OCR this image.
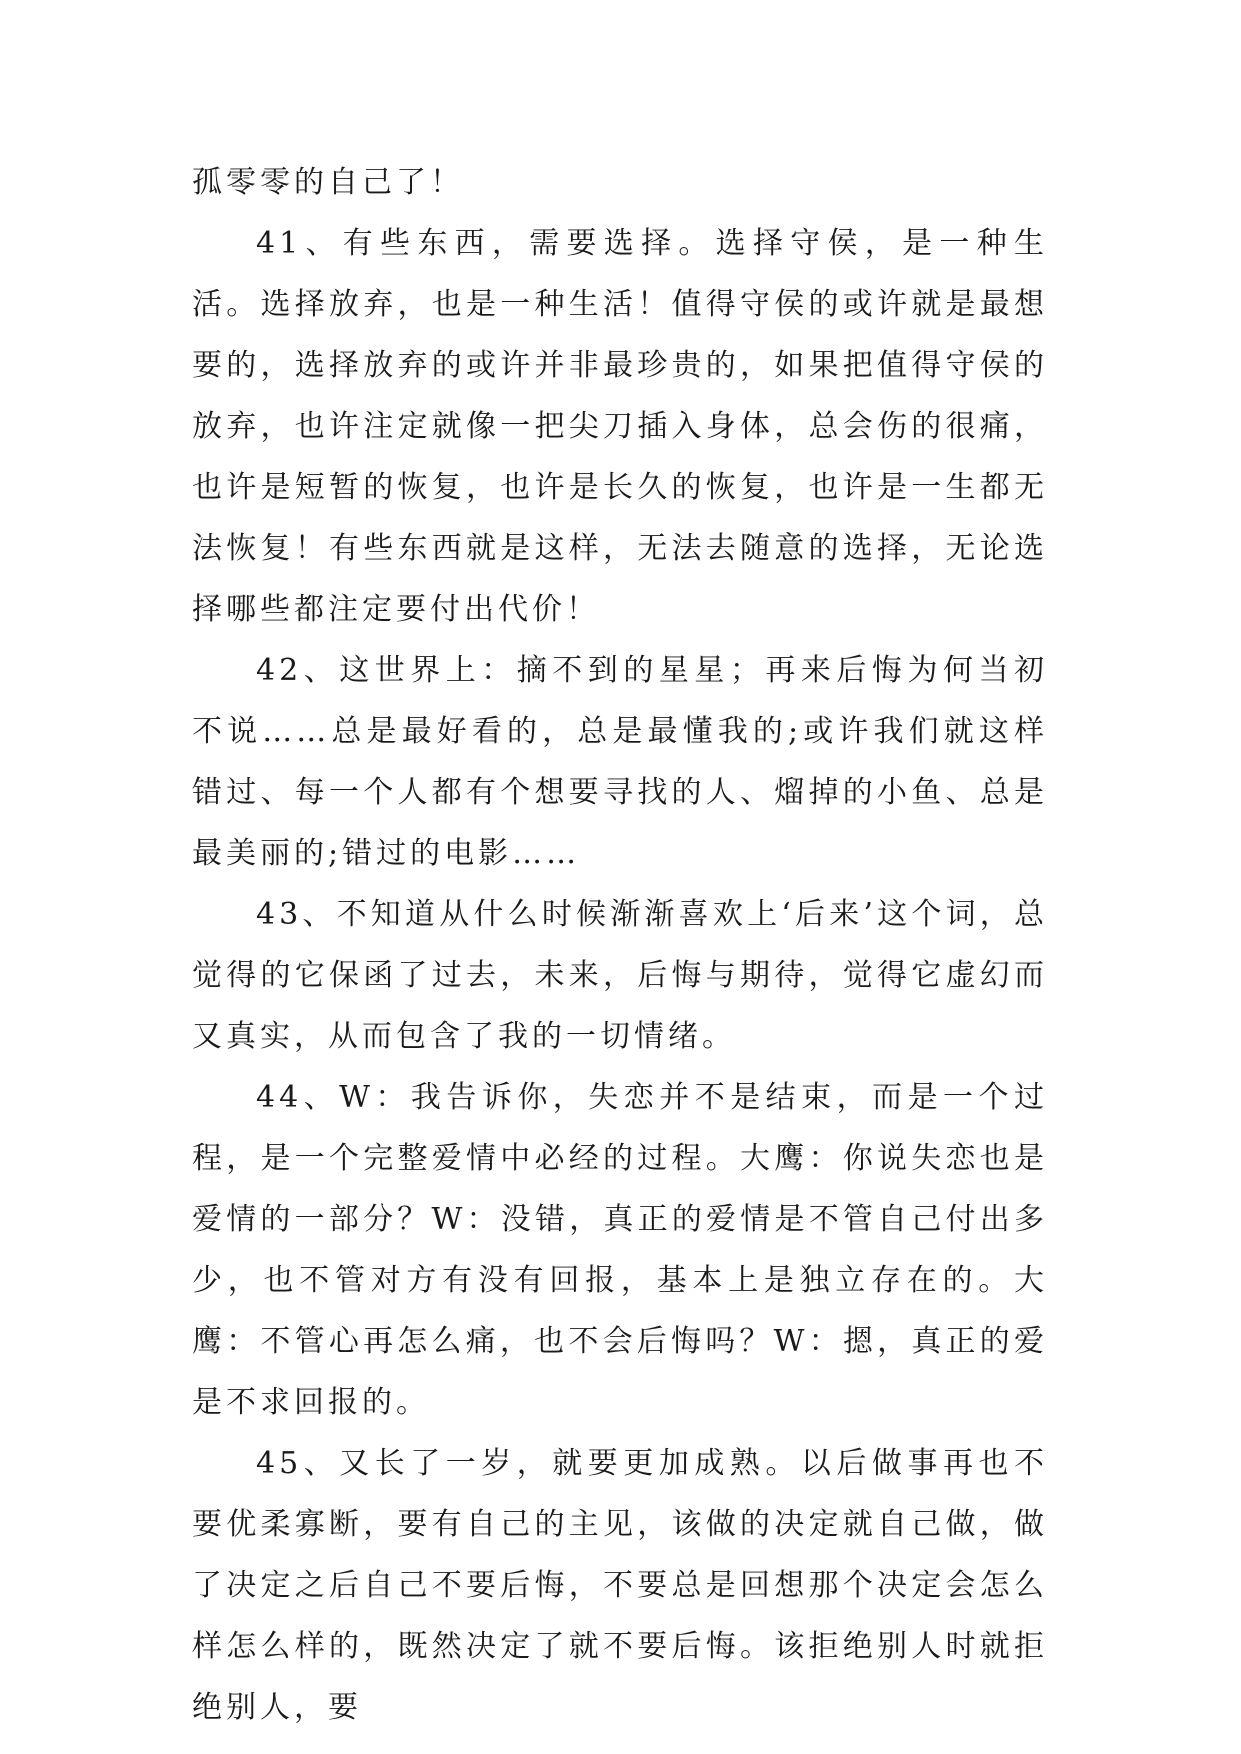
孤零零的自己了！

41、有些东西，需要选择。选择守侯，是一种生活。选择放弃，也是一种生活！值得守侯的或许就是最想要的，选择放弃的或许并非最珍贵的，如果把值得守侯的放弃，也许注定就像一把尖刀插入身体，总会伤的很痛，也许是短暂的恢复，也许是长久的恢复，也许是一生都无法恢复！有些东西就是这样，无法去随意的选择，无论选择哪些都注定要付出代价！

42、这世界上：摘不到的星星；再来后悔为何当初不说……总是最好看的，总是最懂我的;或许我们就这样错过、每一个人都有个想要寻找的人、熘掉的小鱼、总是最美丽的;错过的电影……

43、不知道从什么时候渐渐喜欢上‘后来’这个词，总觉得的它保函了过去，未来，后悔与期待，觉得它虚幻而又真实，从而包含了我的一切情绪。

44、W：我告诉你，失恋并不是结束，而是一个过程，是一个完整爱情中必经的过程。大鹰：你说失恋也是爱情的一部分？W：没错，真正的爱情是不管自己付出多少，也不管对方有没有回报，基本上是独立存在的。大鹰：不管心再怎么痛，也不会后悔吗？W：摁，真正的爱是不求回报的。

45、又长了一岁，就要更加成熟。以后做事再也不要优柔寡断，要有自己的主见，该做的决定就自己做，做了决定之后自己不要后悔，不要总是回想那个决定会怎么样怎么样的，既然决定了就不要后悔。该拒绝别人时就拒绝别人，要
